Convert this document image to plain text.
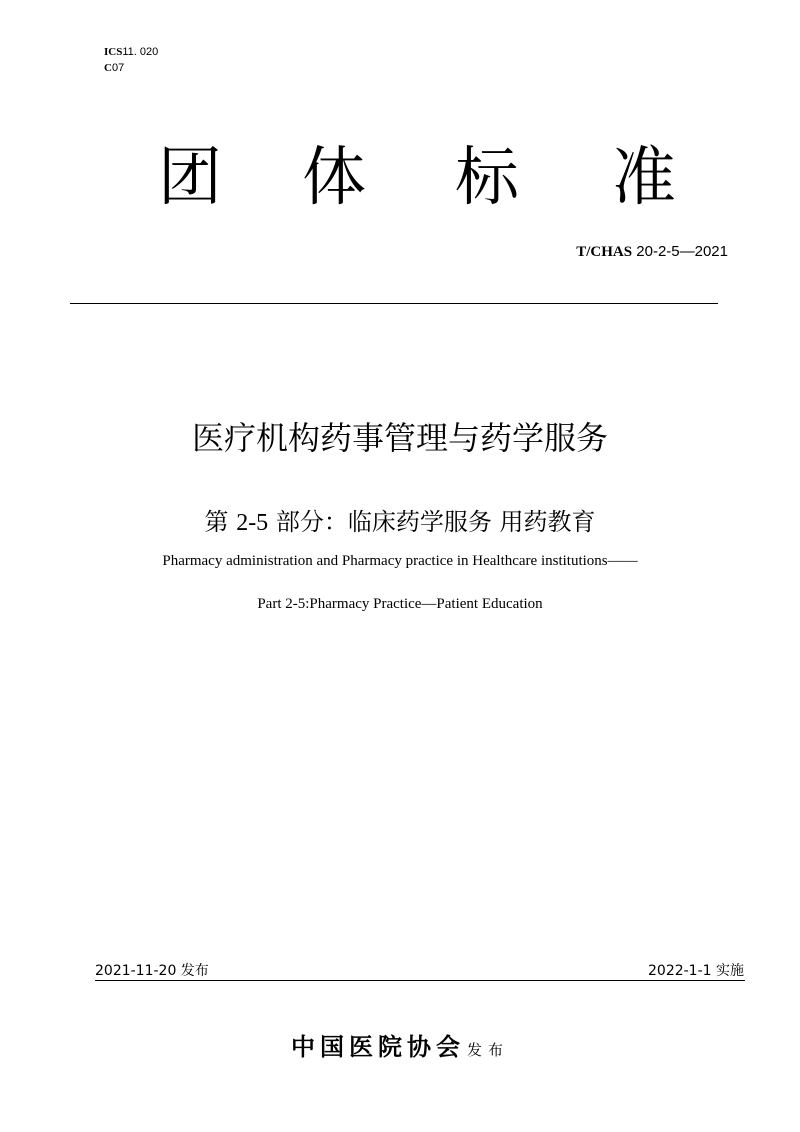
ICS11. 020
C07
团 体 标 准
T/CHAS 20-2-5—2021
医疗机构药事管理与药学服务
第 2-5 部分：临床药学服务 用药教育
Pharmacy administration and Pharmacy practice in Healthcare institutions——
Part 2-5:Pharmacy Practice—Patient Education
2021-11-20 发布	2022-1-1 实施
中国医院协会 发布
